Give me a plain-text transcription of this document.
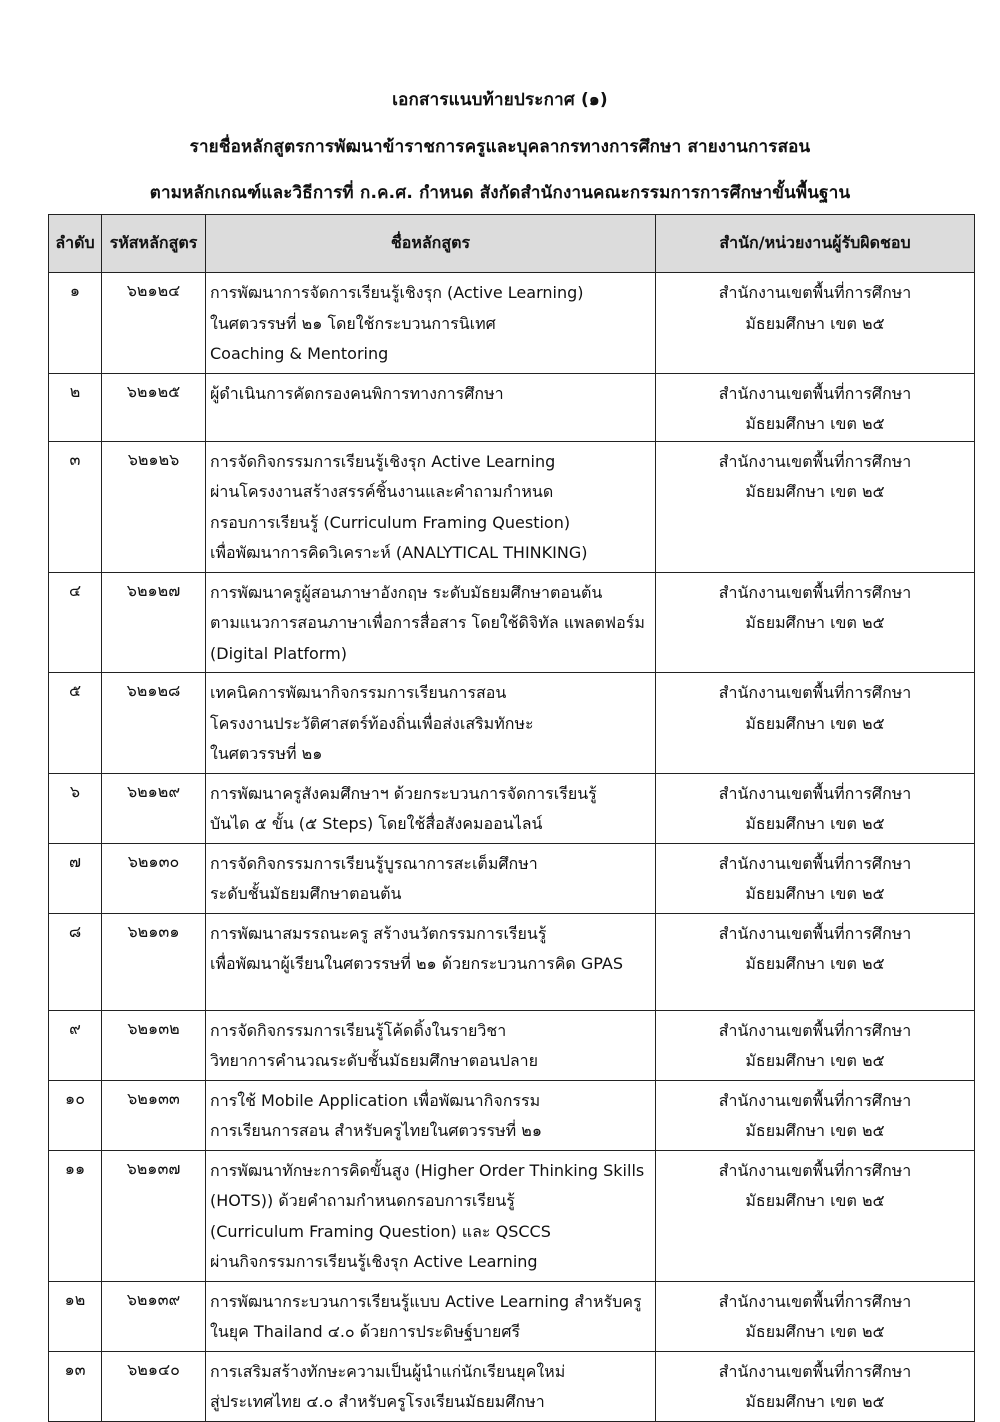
เอกสารแนบท้ายประกาศ (๑)
รายชื่อหลักสูตรการพัฒนาข้าราชการครูและบุคลากรทางการศึกษา สายงานการสอน
ตามหลักเกณฑ์และวิธีการที่ ก.ค.ศ. กำหนด สังกัดสำนักงานคณะกรรมการการศึกษาขั้นพื้นฐาน
ลำดับ	รหัสหลักสูตร	ชื่อหลักสูตร	สำนัก/หน่วยงานผู้รับผิดชอบ
๑	๖๒๑๒๔	การพัฒนาการจัดการเรียนรู้เชิงรุก (Active Learning)
ในศตวรรษที่ ๒๑ โดยใช้กระบวนการนิเทศ
Coaching & Mentoring	สำนักงานเขตพื้นที่การศึกษา
มัธยมศึกษา เขต ๒๕

๒	๖๒๑๒๕	ผู้ดำเนินการคัดกรองคนพิการทางการศึกษา	สำนักงานเขตพื้นที่การศึกษา
มัธยมศึกษา เขต ๒๕

๓	๖๒๑๒๖	การจัดกิจกรรมการเรียนรู้เชิงรุก Active Learning
ผ่านโครงงานสร้างสรรค์ชิ้นงานและคำถามกำหนด
กรอบการเรียนรู้ (Curriculum Framing Question)
เพื่อพัฒนาการคิดวิเคราะห์ (ANALYTICAL THINKING)	สำนักงานเขตพื้นที่การศึกษา
มัธยมศึกษา เขต ๒๕

๔	๖๒๑๒๗	การพัฒนาครูผู้สอนภาษาอังกฤษ ระดับมัธยมศึกษาตอนต้น
ตามแนวการสอนภาษาเพื่อการสื่อสาร โดยใช้ดิจิทัล แพลตฟอร์ม
(Digital Platform)	สำนักงานเขตพื้นที่การศึกษา
มัธยมศึกษา เขต ๒๕

๕	๖๒๑๒๘	เทคนิคการพัฒนากิจกรรมการเรียนการสอน
โครงงานประวัติศาสตร์ท้องถิ่นเพื่อส่งเสริมทักษะ
ในศตวรรษที่ ๒๑	สำนักงานเขตพื้นที่การศึกษา
มัธยมศึกษา เขต ๒๕

๖	๖๒๑๒๙	การพัฒนาครูสังคมศึกษาฯ ด้วยกระบวนการจัดการเรียนรู้
บันได ๕ ขั้น (๕ Steps) โดยใช้สื่อสังคมออนไลน์	สำนักงานเขตพื้นที่การศึกษา
มัธยมศึกษา เขต ๒๕

๗	๖๒๑๓๐	การจัดกิจกรรมการเรียนรู้บูรณาการสะเต็มศึกษา
ระดับชั้นมัธยมศึกษาตอนต้น	สำนักงานเขตพื้นที่การศึกษา
มัธยมศึกษา เขต ๒๕

๘	๖๒๑๓๑	การพัฒนาสมรรถนะครู สร้างนวัตกรรมการเรียนรู้
เพื่อพัฒนาผู้เรียนในศตวรรษที่ ๒๑ ด้วยกระบวนการคิด GPAS	สำนักงานเขตพื้นที่การศึกษา
มัธยมศึกษา เขต ๒๕

๙	๖๒๑๓๒	การจัดกิจกรรมการเรียนรู้โค้ดดิ้งในรายวิชา
วิทยาการคำนวณระดับชั้นมัธยมศึกษาตอนปลาย	สำนักงานเขตพื้นที่การศึกษา
มัธยมศึกษา เขต ๒๕

๑๐	๖๒๑๓๓	การใช้ Mobile Application เพื่อพัฒนากิจกรรม
การเรียนการสอน สำหรับครูไทยในศตวรรษที่ ๒๑	สำนักงานเขตพื้นที่การศึกษา
มัธยมศึกษา เขต ๒๕

๑๑	๖๒๑๓๗	การพัฒนาทักษะการคิดขั้นสูง (Higher Order Thinking Skills
(HOTS)) ด้วยคำถามกำหนดกรอบการเรียนรู้
(Curriculum Framing Question) และ QSCCS
ผ่านกิจกรรมการเรียนรู้เชิงรุก Active Learning	สำนักงานเขตพื้นที่การศึกษา
มัธยมศึกษา เขต ๒๕

๑๒	๖๒๑๓๙	การพัฒนากระบวนการเรียนรู้แบบ Active Learning สำหรับครู
ในยุค Thailand ๔.๐ ด้วยการประดิษฐ์บายศรี	สำนักงานเขตพื้นที่การศึกษา
มัธยมศึกษา เขต ๒๕

๑๓	๖๒๑๔๐	การเสริมสร้างทักษะความเป็นผู้นำแก่นักเรียนยุคใหม่
สู่ประเทศไทย ๔.๐ สำหรับครูโรงเรียนมัธยมศึกษา	สำนักงานเขตพื้นที่การศึกษา
มัธยมศึกษา เขต ๒๕
